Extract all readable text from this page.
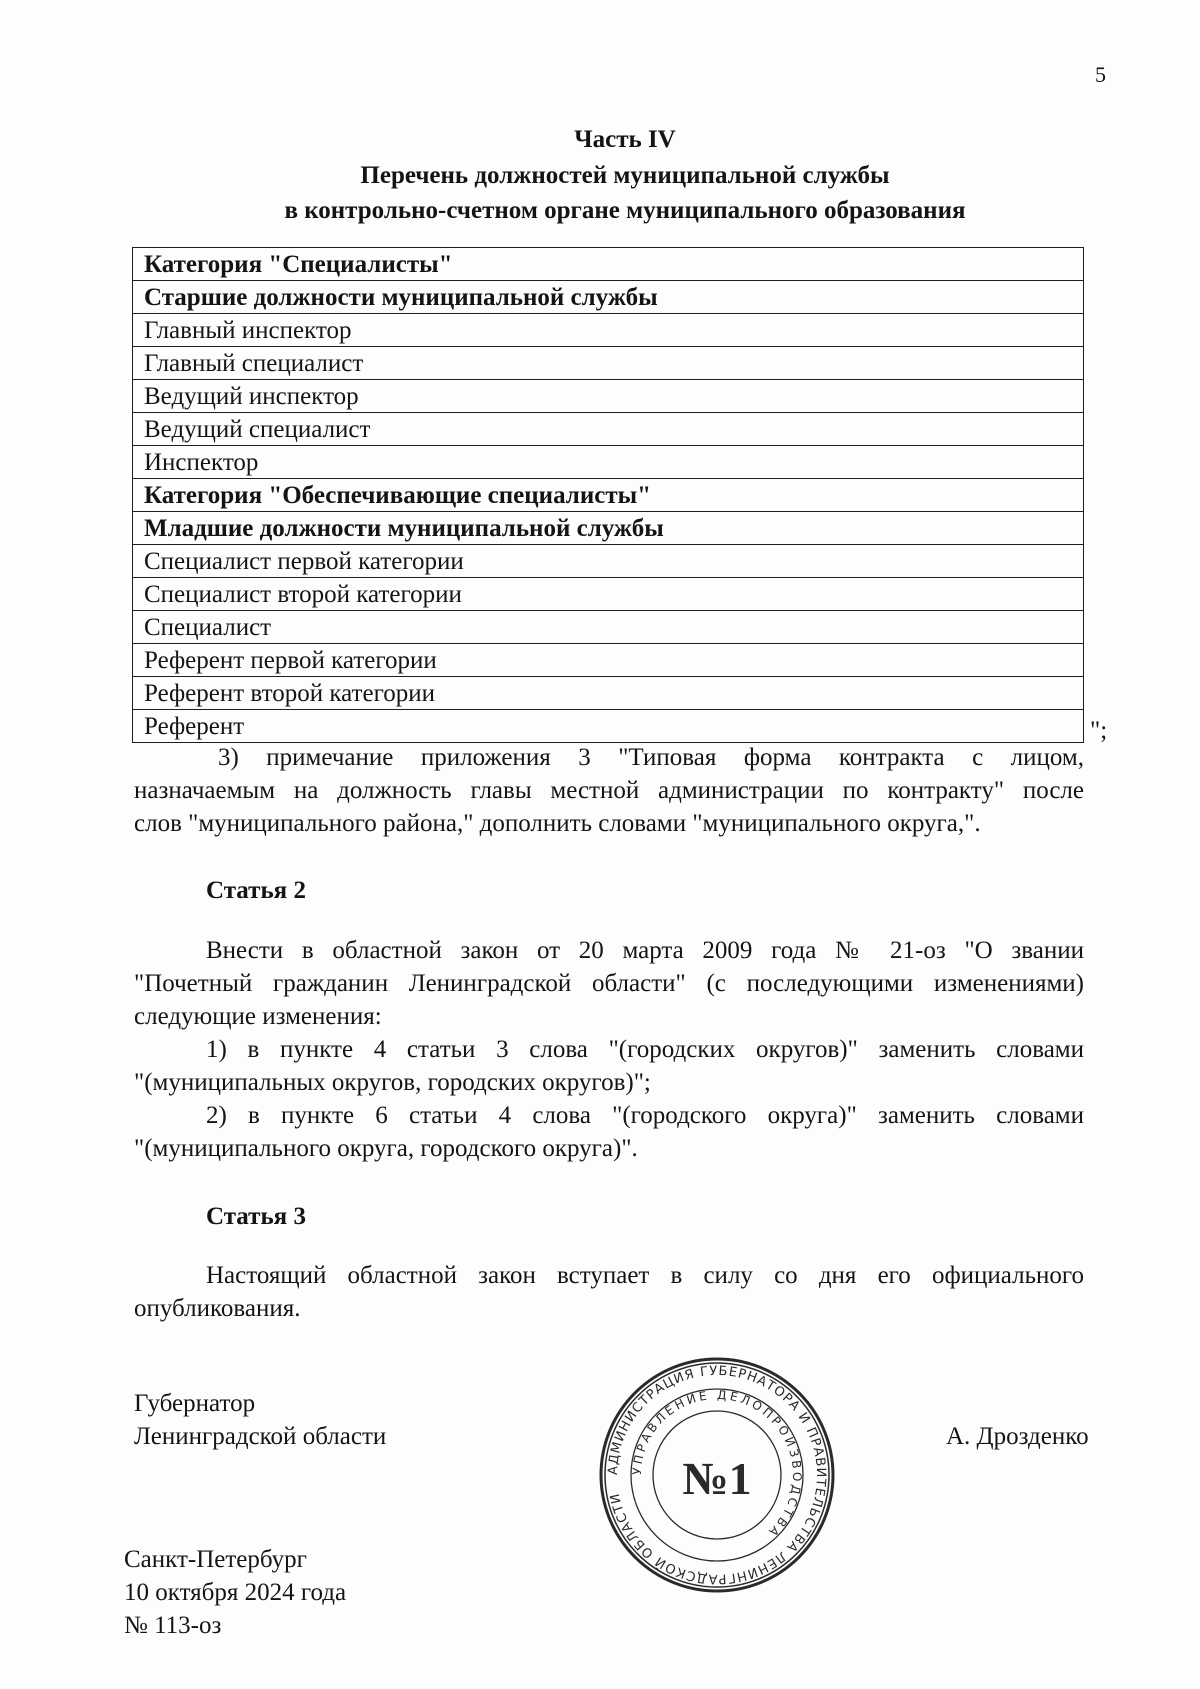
5
Часть IV
Перечень должностей муниципальной службы
в контрольно-счетном органе муниципального образования
Категория "Специалисты"
Старшие должности муниципальной службы
Главный инспектор
Главный специалист
Ведущий инспектор
Ведущий специалист
Инспектор
Категория "Обеспечивающие специалисты"
Младшие должности муниципальной службы
Специалист первой категории
Специалист второй категории
Специалист
Референт первой категории
Референт второй категории
Референт	";
3) примечание приложения 3 "Типовая форма контракта с лицом,
назначаемым на должность главы местной администрации по контракту" после
слов "муниципального района," дополнить словами "муниципального округа,".
Статья 2
Внести в областной закон от 20 марта 2009 года № 21-оз "О звании
"Почетный гражданин Ленинградской области" (с последующими изменениями)
следующие изменения:
1) в пункте 4 статьи 3 слова "(городских округов)" заменить словами
"(муниципальных округов, городских округов)";
2) в пункте 6 статьи 4 слова "(городского округа)" заменить словами
"(муниципального округа, городского округа)".
Статья 3
Настоящий областной закон вступает в силу со дня его официального
опубликования.
Губернатор
Ленинградской области	А. Дрозденко
АДМИНИСТРАЦИЯ ГУБЕРНАТОРА И ПРАВИТЕЛЬСТВА ЛЕНИНГРАДСКОЙ ОБЛАСТИ
УПРАВЛЕНИЕ ДЕЛОПРОИЗВОДСТВА
№1
Санкт-Петербург
10 октября 2024 года
№ 113-оз
